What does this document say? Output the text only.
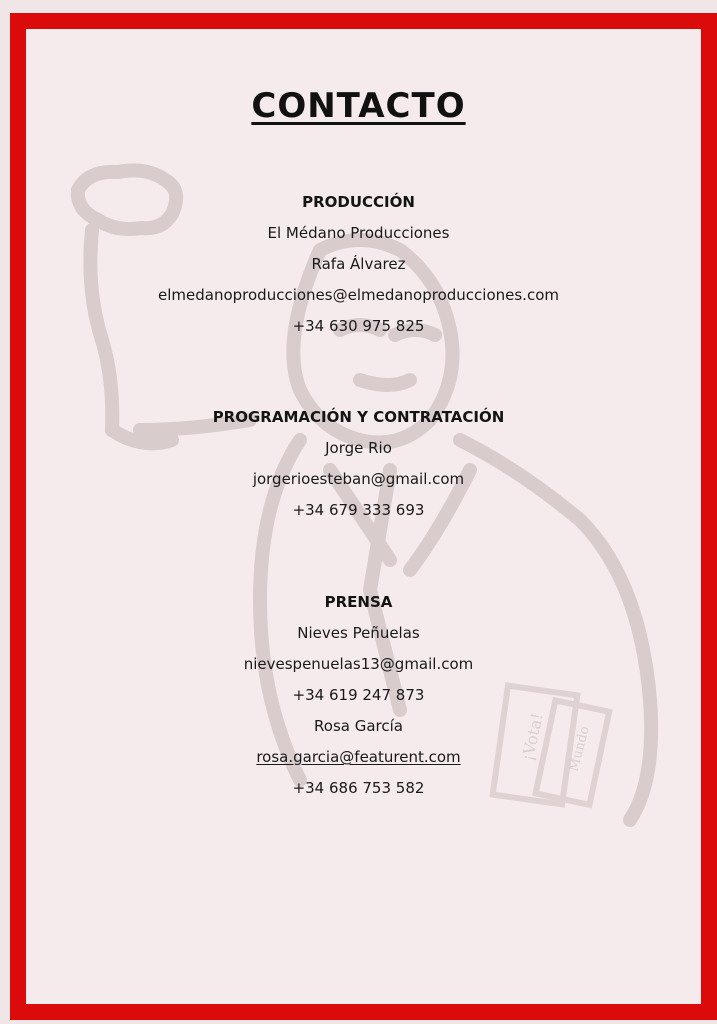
¡Vota! Mundo
CONTACTO
PRODUCCIÓN
El Médano Producciones
Rafa Álvarez
elmedanoproducciones@elmedanoproducciones.com
+34 630 975 825
PROGRAMACIÓN Y CONTRATACIÓN
Jorge Rio
jorgerioesteban@gmail.com
+34 679 333 693
PRENSA
Nieves Peñuelas
nievespenuelas13@gmail.com
+34 619 247 873
Rosa García
rosa.garcia@featurent.com
+34 686 753 582
